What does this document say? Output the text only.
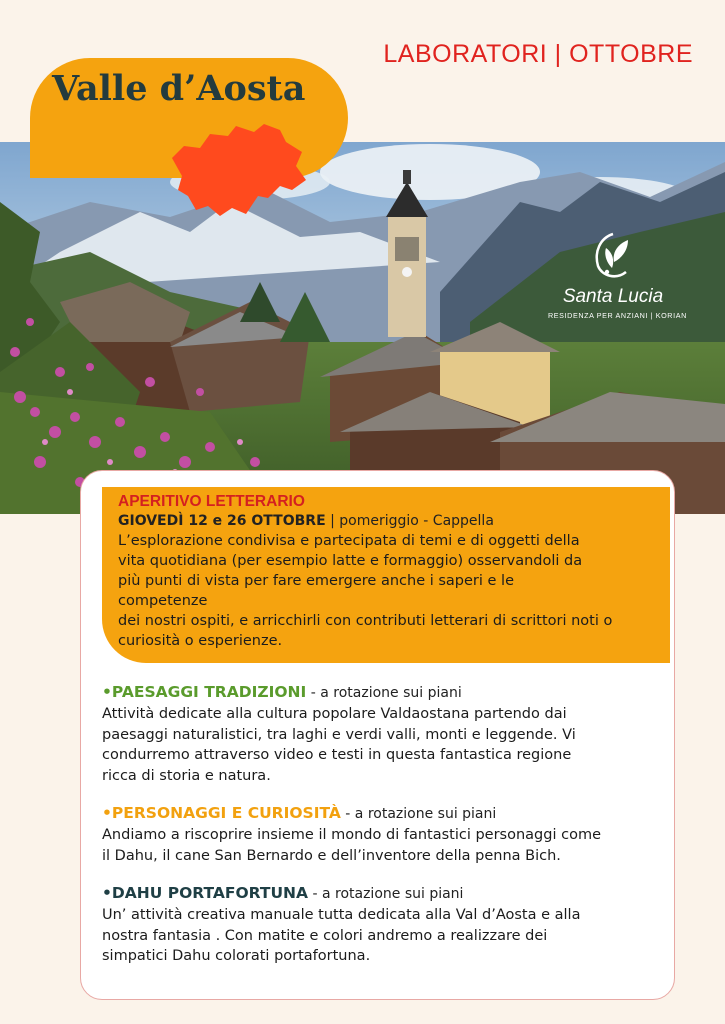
LABORATORI | OTTOBRE
Santa Lucia
RESIDENZA PER ANZIANI | KORIAN
Valle d’Aosta
APERITIVO LETTERARIO
GIOVEDÌ 12 e 26 OTTOBRE | pomeriggio - Cappella
L’esplorazione condivisa e partecipata di temi e di oggetti della
vita quotidiana (per esempio latte e formaggio) osservandoli da
più punti di vista per fare emergere anche i saperi e le
competenze
dei nostri ospiti, e arricchirli con contributi letterari di scrittori noti o
curiosità o esperienze.
•PAESAGGI TRADIZIONI - a rotazione sui piani
Attività dedicate alla cultura popolare Valdaostana partendo dai
paesaggi naturalistici, tra laghi e verdi valli, monti e leggende. Vi
condurremo attraverso video e testi in questa fantastica regione
ricca di storia e natura.
•PERSONAGGI E CURIOSITÀ - a rotazione sui piani
Andiamo a riscoprire insieme il mondo di fantastici personaggi come
il Dahu, il cane San Bernardo e dell’inventore della penna Bich.
•DAHU PORTAFORTUNA - a rotazione sui piani
Un’ attività creativa manuale tutta dedicata alla Val d’Aosta e alla
nostra fantasia . Con matite e colori andremo a realizzare dei
simpatici Dahu colorati portafortuna.
